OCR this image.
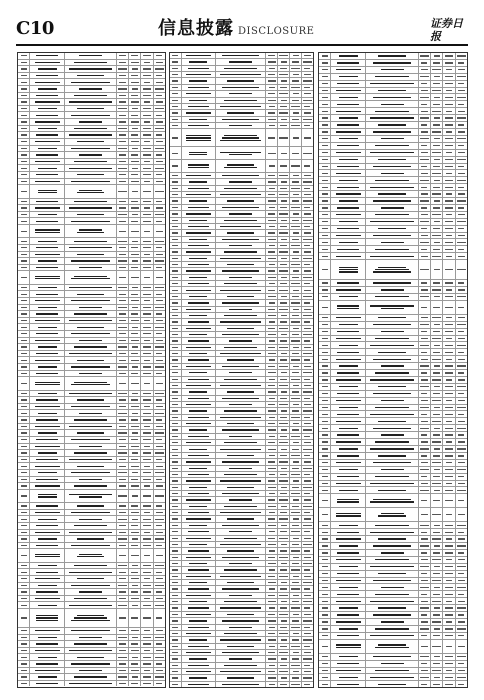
C10	信息披露 DISCLOSURE
证券日报
